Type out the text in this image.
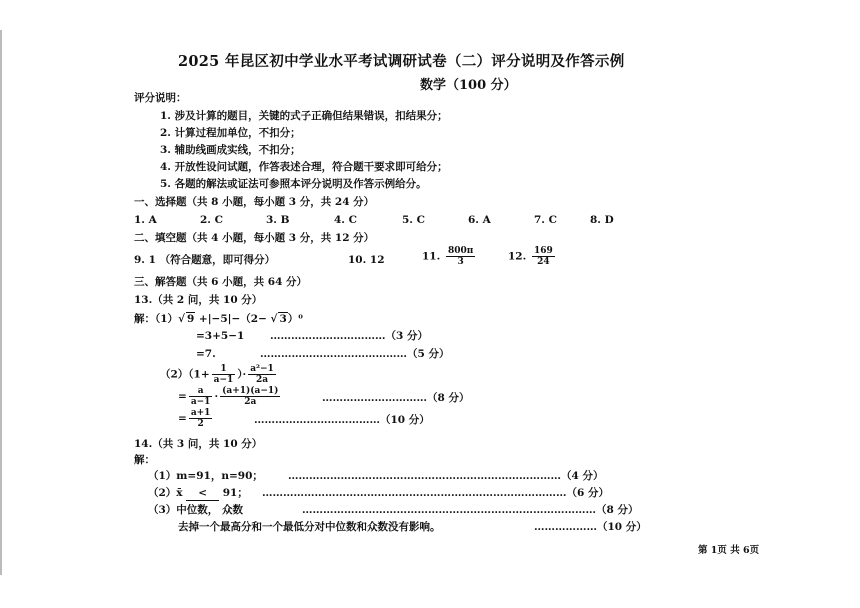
2025 年昆区初中学业水平考试调研试卷（二）评分说明及作答示例
数学（100 分）
评分说明：
1. 涉及计算的题目，关键的式子正确但结果错误，扣结果分；
2. 计算过程加单位，不扣分；
3. 辅助线画成实线，不扣分；
4. 开放性设问试题，作答表述合理，符合题干要求即可给分；
5. 各题的解法或证法可参照本评分说明及作答示例给分。
一、选择题（共 8 小题，每小题 3 分，共 24 分）
1. A	2. C	3. B	4. C	5. C	6. A	7. C	8. D
二、填空题（共 4 小题，每小题 3 分，共 12 分）
9. 1 （符合题意，即可得分）	10. 12	11. $\frac{800\pi}{3}$	12. $\frac{169}{24}$
三、解答题（共 6 小题，共 64 分）
13.（共 2 问，共 10 分）
解：（1）√ 9 +|−5|−（2− √ 3）⁰
=3+5−1 ……………………………（3 分）
=7.	……………………………………（5 分）
$(2)(1+ \frac{1}{a-1}$ ）· $\frac{\text{a²−1}}{2a}$
= $\frac{a}{a-1} \cdot \frac{(a+1)(a-1)}{2a}$	…………………………（8 分）
= $\frac{a+1}{2}$	………………………………（10 分）
14.（共 3 问，共 10 分）
解：
（1）m=91，n=90； ……………………………………………………………………（4 分）
（2）x̄ < 91； ……………………………………………………………………………（6 分）
（3）中位数， 众数	…………………………………………………………………………（8 分）
去掉一个最高分和一个最低分对中位数和众数没有影响。	………………（10 分）
第 1页 共 6页
